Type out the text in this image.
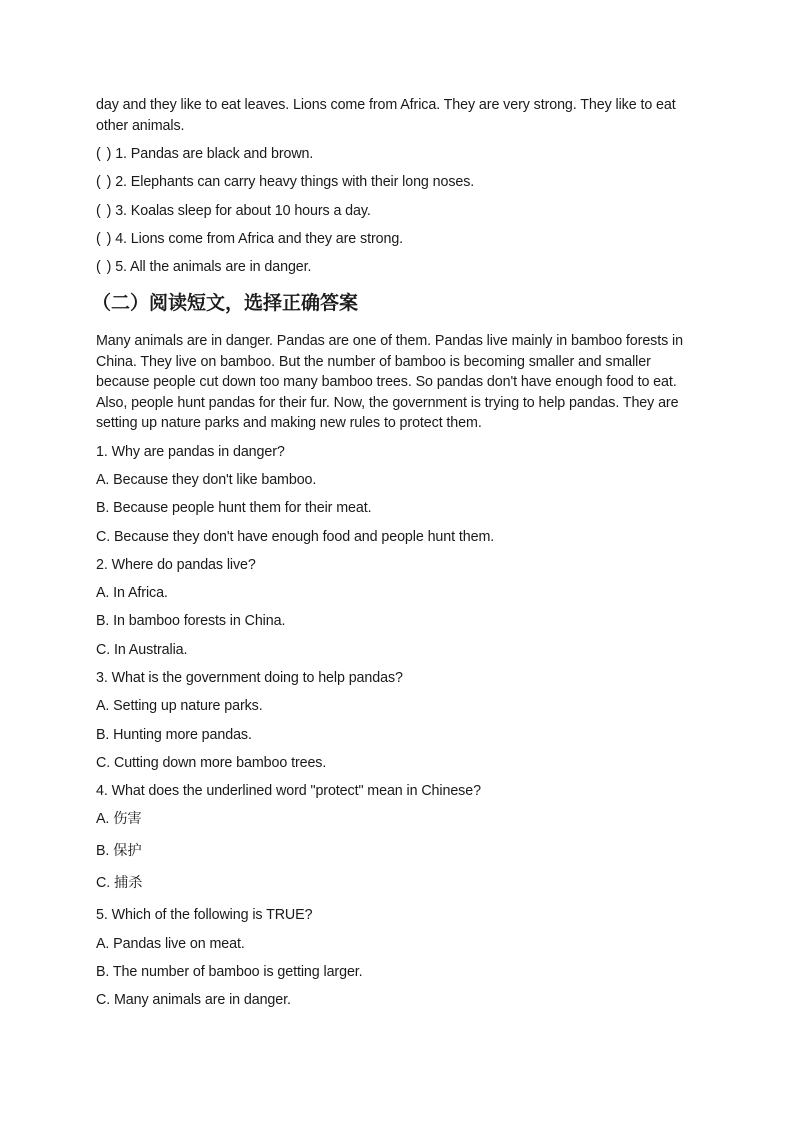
day and they like to eat leaves. Lions come from Africa. They are very strong. They like to eat other animals.

( ) 1. Pandas are black and brown.

( ) 2. Elephants can carry heavy things with their long noses.

( ) 3. Koalas sleep for about 10 hours a day.

( ) 4. Lions come from Africa and they are strong.

( ) 5. All the animals are in danger.

（二）阅读短文，选择正确答案

Many animals are in danger. Pandas are one of them. Pandas live mainly in bamboo forests in China. They live on bamboo. But the number of bamboo is becoming smaller and smaller because people cut down too many bamboo trees. So pandas don't have enough food to eat. Also, people hunt pandas for their fur. Now, the government is trying to help pandas. They are setting up nature parks and making new rules to protect them.

1. Why are pandas in danger?

A. Because they don't like bamboo.

B. Because people hunt them for their meat.

C. Because they don't have enough food and people hunt them.

2. Where do pandas live?

A. In Africa.

B. In bamboo forests in China.

C. In Australia.

3. What is the government doing to help pandas?

A. Setting up nature parks.

B. Hunting more pandas.

C. Cutting down more bamboo trees.

4. What does the underlined word "protect" mean in Chinese?

A. 伤害

B. 保护

C. 捕杀

5. Which of the following is TRUE?

A. Pandas live on meat.

B. The number of bamboo is getting larger.

C. Many animals are in danger.
